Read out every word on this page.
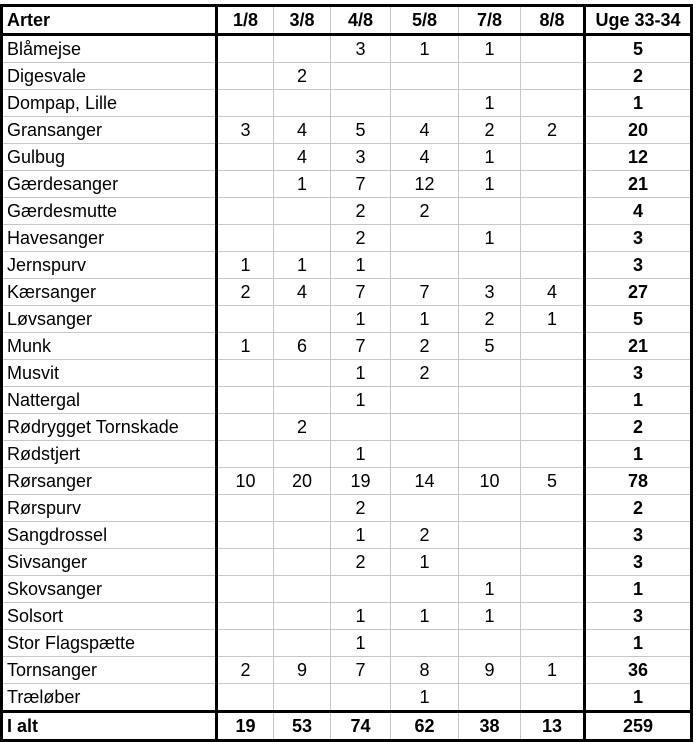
Arter	1/8	3/8	4/8	5/8	7/8	8/8	Uge 33-34
Blåmejse			3	1	1		5
Digesvale		2					2
Dompap, Lille					1		1
Gransanger	3	4	5	4	2	2	20
Gulbug		4	3	4	1		12
Gærdesanger		1	7	12	1		21
Gærdesmutte			2	2			4
Havesanger			2		1		3
Jernspurv	1	1	1				3
Kærsanger	2	4	7	7	3	4	27
Løvsanger			1	1	2	1	5
Munk	1	6	7	2	5		21
Musvit			1	2			3
Nattergal			1				1
Rødrygget Tornskade		2					2
Rødstjert			1				1
Rørsanger	10	20	19	14	10	5	78
Rørspurv			2				2
Sangdrossel			1	2			3
Sivsanger			2	1			3
Skovsanger					1		1
Solsort			1	1	1		3
Stor Flagspætte			1				1
Tornsanger	2	9	7	8	9	1	36
Træløber				1			1
I alt	19	53	74	62	38	13	259
